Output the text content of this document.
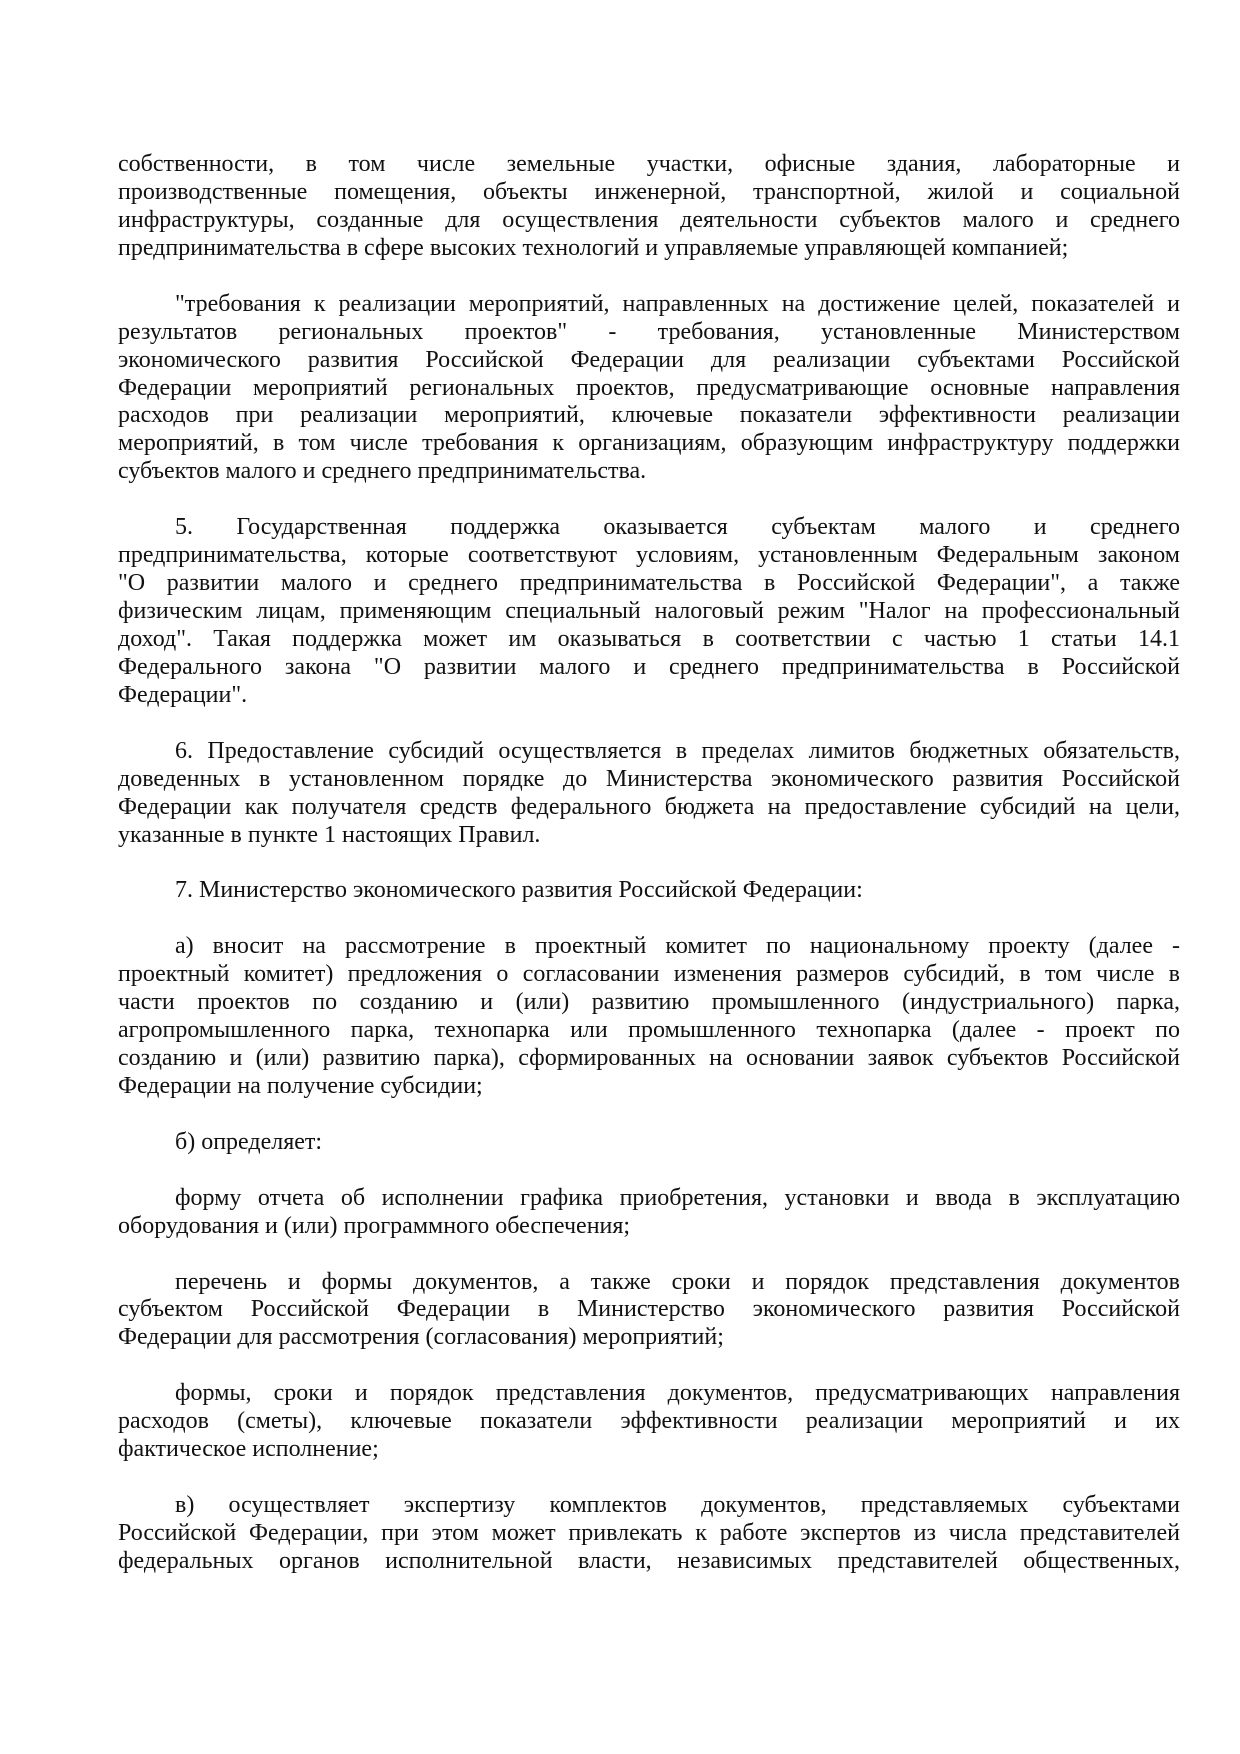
собственности, в том числе земельные участки, офисные здания, лабораторные и
производственные помещения, объекты инженерной, транспортной, жилой и социальной
инфраструктуры, созданные для осуществления деятельности субъектов малого и среднего
предпринимательства в сфере высоких технологий и управляемые управляющей компанией;
"требования к реализации мероприятий, направленных на достижение целей, показателей и
результатов региональных проектов" - требования, установленные Министерством
экономического развития Российской Федерации для реализации субъектами Российской
Федерации мероприятий региональных проектов, предусматривающие основные направления
расходов при реализации мероприятий, ключевые показатели эффективности реализации
мероприятий, в том числе требования к организациям, образующим инфраструктуру поддержки
субъектов малого и среднего предпринимательства.
5. Государственная поддержка оказывается субъектам малого и среднего
предпринимательства, которые соответствуют условиям, установленным Федеральным законом
"О развитии малого и среднего предпринимательства в Российской Федерации", а также
физическим лицам, применяющим специальный налоговый режим "Налог на профессиональный
доход". Такая поддержка может им оказываться в соответствии с частью 1 статьи 14.1
Федерального закона "О развитии малого и среднего предпринимательства в Российской
Федерации".
6. Предоставление субсидий осуществляется в пределах лимитов бюджетных обязательств,
доведенных в установленном порядке до Министерства экономического развития Российской
Федерации как получателя средств федерального бюджета на предоставление субсидий на цели,
указанные в пункте 1 настоящих Правил.
7. Министерство экономического развития Российской Федерации:
а) вносит на рассмотрение в проектный комитет по национальному проекту (далее -
проектный комитет) предложения о согласовании изменения размеров субсидий, в том числе в
части проектов по созданию и (или) развитию промышленного (индустриального) парка,
агропромышленного парка, технопарка или промышленного технопарка (далее - проект по
созданию и (или) развитию парка), сформированных на основании заявок субъектов Российской
Федерации на получение субсидии;
б) определяет:
форму отчета об исполнении графика приобретения, установки и ввода в эксплуатацию
оборудования и (или) программного обеспечения;
перечень и формы документов, а также сроки и порядок представления документов
субъектом Российской Федерации в Министерство экономического развития Российской
Федерации для рассмотрения (согласования) мероприятий;
формы, сроки и порядок представления документов, предусматривающих направления
расходов (сметы), ключевые показатели эффективности реализации мероприятий и их
фактическое исполнение;
в) осуществляет экспертизу комплектов документов, представляемых субъектами
Российской Федерации, при этом может привлекать к работе экспертов из числа представителей
федеральных органов исполнительной власти, независимых представителей общественных,
